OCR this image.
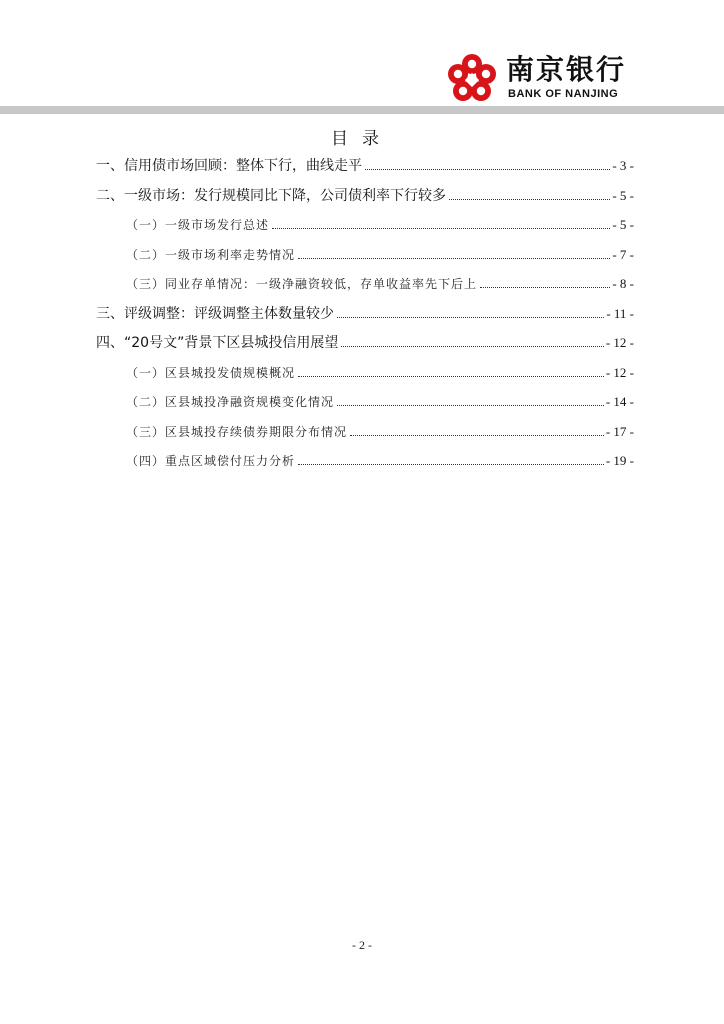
南京银行
BANK OF NANJING
目录
一、信用债市场回顾：整体下行，曲线走平	- 3 -
二、一级市场：发行规模同比下降，公司债利率下行较多	- 5 -
（一）一级市场发行总述	- 5 -
（二）一级市场利率走势情况	- 7 -
（三）同业存单情况：一级净融资较低，存单收益率先下后上	- 8 -
三、评级调整：评级调整主体数量较少	- 11 -
四、“20号文”背景下区县城投信用展望	- 12 -
（一）区县城投发债规模概况	- 12 -
（二）区县城投净融资规模变化情况	- 14 -
（三）区县城投存续债券期限分布情况	- 17 -
（四）重点区域偿付压力分析	- 19 -
- 2 -
